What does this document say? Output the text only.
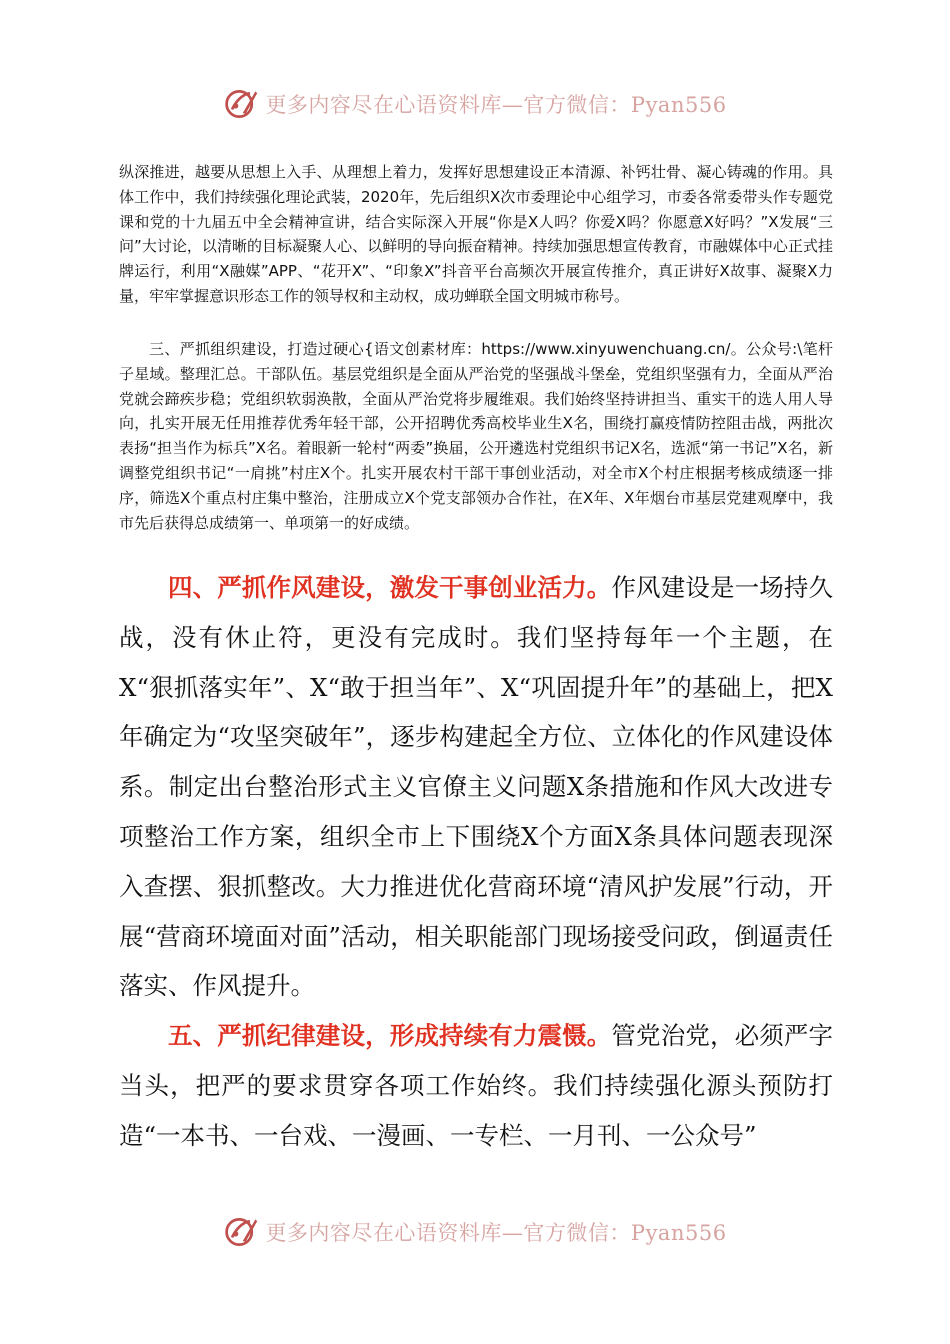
更多内容尽在心语资料库—官方微信：Pyan556

纵深推进，越要从思想上入手、从理想上着力，发挥好思想建设正本清源、补钙壮骨、凝心铸魂的作用。具体工作中，我们持续强化理论武装，2020年，先后组织X次市委理论中心组学习，市委各常委带头作专题党课和党的十九届五中全会精神宣讲，结合实际深入开展“你是X人吗？你爱X吗？你愿意X好吗？”X发展“三问”大讨论，以清晰的目标凝聚人心、以鲜明的导向振奋精神。持续加强思想宣传教育，市融媒体中心正式挂牌运行，利用“X融媒”APP、“花开X”、“印象X”抖音平台高频次开展宣传推介，真正讲好X故事、凝聚X力量，牢牢掌握意识形态工作的领导权和主动权，成功蝉联全国文明城市称号。

三、严抓组织建设，打造过硬心{语文创素材库：https://www.xinyuwenchuang.cn/。公众号:\笔杆子星域。整理汇总。干部队伍。基层党组织是全面从严治党的坚强战斗堡垒，党组织坚强有力，全面从严治党就会蹄疾步稳；党组织软弱涣散，全面从严治党将步履维艰。我们始终坚持讲担当、重实干的选人用人导向，扎实开展无任用推荐优秀年轻干部，公开招聘优秀高校毕业生X名，围绕打赢疫情防控阻击战，两批次表扬“担当作为标兵”X名。着眼新一轮村“两委”换届，公开遴选村党组织书记X名，选派“第一书记”X名，新调整党组织书记“一肩挑”村庄X个。扎实开展农村干部干事创业活动，对全市X个村庄根据考核成绩逐一排序，筛选X个重点村庄集中整治，注册成立X个党支部领办合作社，在X年、X年烟台市基层党建观摩中，我市先后获得总成绩第一、单项第一的好成绩。

四、严抓作风建设，激发干事创业活力。作风建设是一场持久战，没有休止符，更没有完成时。我们坚持每年一个主题，在X“狠抓落实年”、X“敢于担当年”、X“巩固提升年”的基础上，把X年确定为“攻坚突破年”，逐步构建起全方位、立体化的作风建设体系。制定出台整治形式主义官僚主义问题X条措施和作风大改进专项整治工作方案，组织全市上下围绕X个方面X条具体问题表现深入查摆、狠抓整改。大力推进优化营商环境“清风护发展”行动，开展“营商环境面对面”活动，相关职能部门现场接受问政，倒逼责任落实、作风提升。

五、严抓纪律建设，形成持续有力震慑。管党治党，必须严字当头，把严的要求贯穿各项工作始终。我们持续强化源头预防打造“一本书、一台戏、一漫画、一专栏、一月刊、一公众号”

更多内容尽在心语资料库—官方微信：Pyan556
